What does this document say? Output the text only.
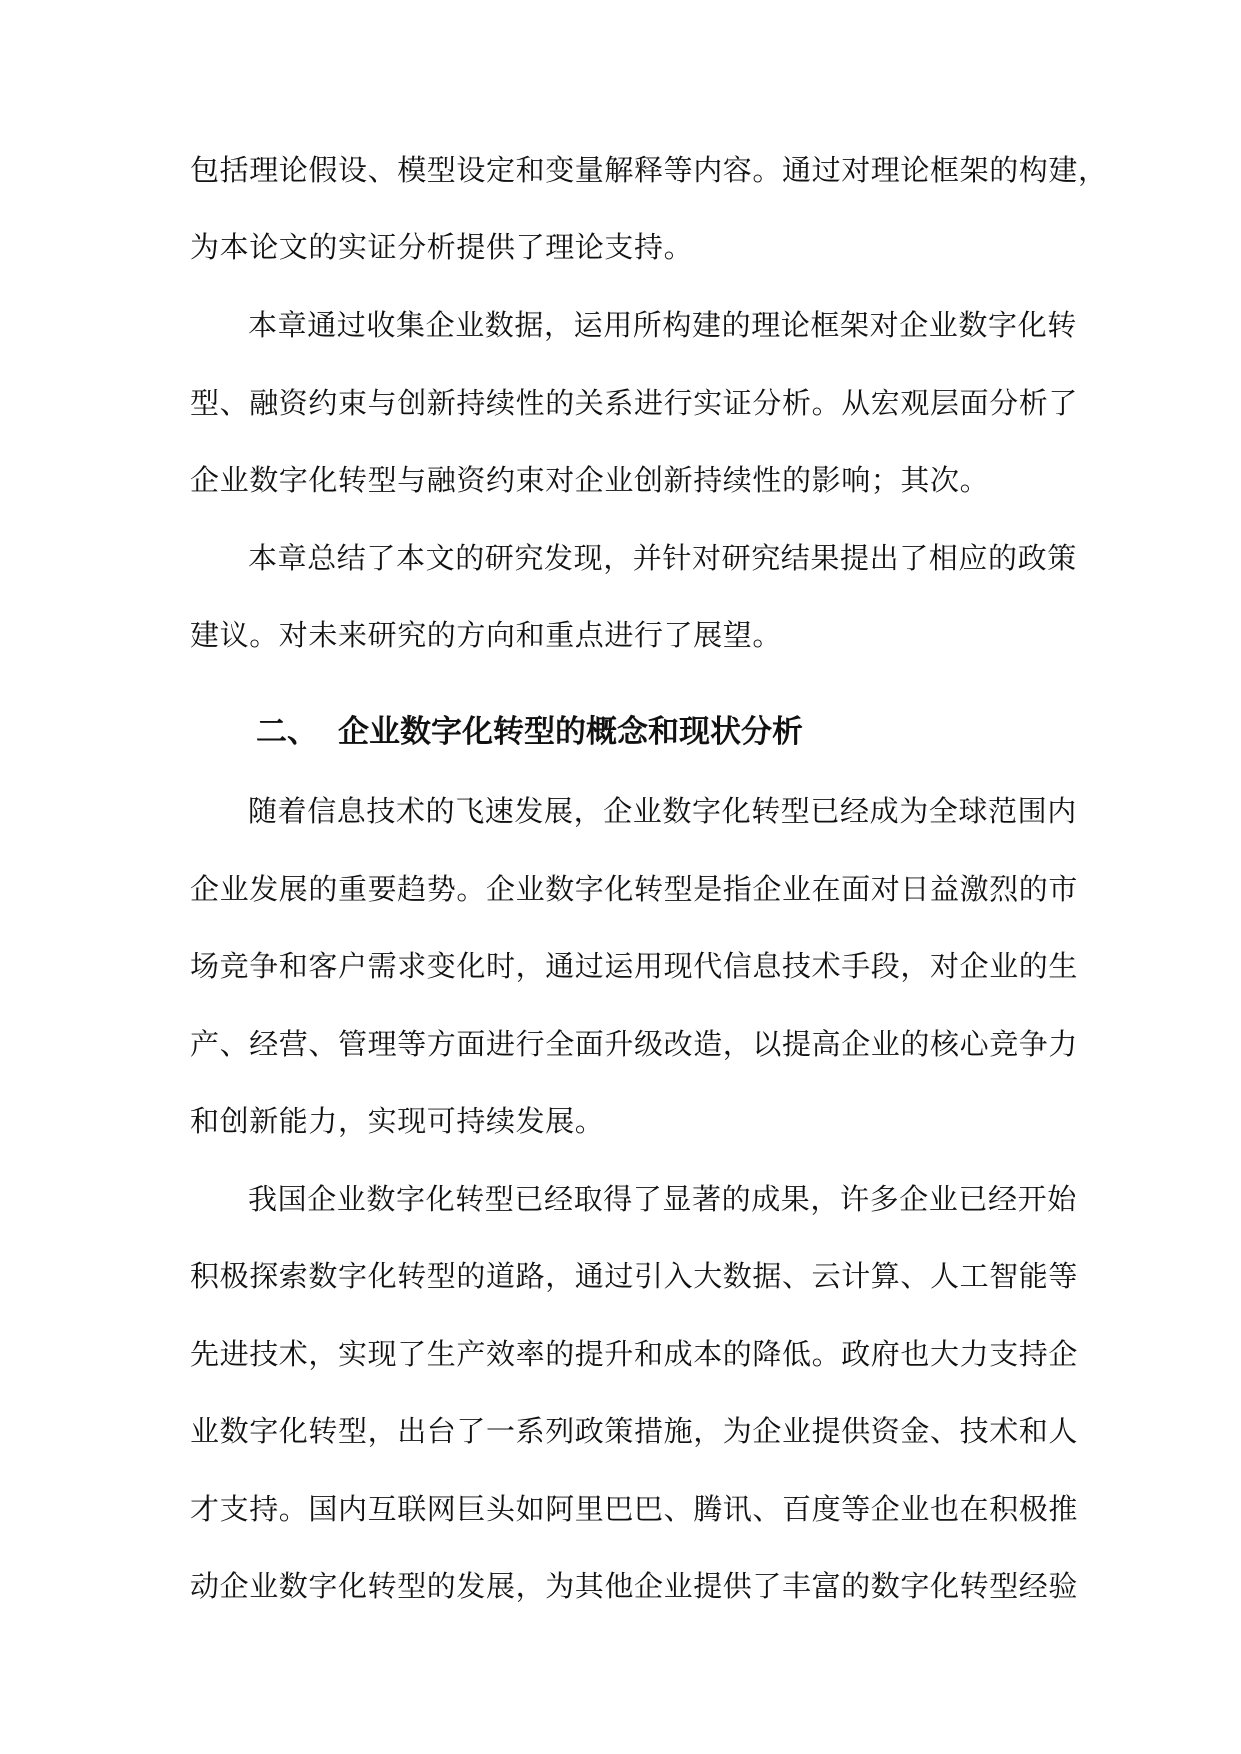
包括理论假设、模型设定和变量解释等内容。通过对理论框架的构建，
为本论文的实证分析提供了理论支持。
本章通过收集企业数据，运用所构建的理论框架对企业数字化转
型、融资约束与创新持续性的关系进行实证分析。从宏观层面分析了
企业数字化转型与融资约束对企业创新持续性的影响；其次。
本章总结了本文的研究发现，并针对研究结果提出了相应的政策
建议。对未来研究的方向和重点进行了展望。
二、 企业数字化转型的概念和现状分析
随着信息技术的飞速发展，企业数字化转型已经成为全球范围内
企业发展的重要趋势。企业数字化转型是指企业在面对日益激烈的市
场竞争和客户需求变化时，通过运用现代信息技术手段，对企业的生
产、经营、管理等方面进行全面升级改造，以提高企业的核心竞争力
和创新能力，实现可持续发展。
我国企业数字化转型已经取得了显著的成果，许多企业已经开始
积极探索数字化转型的道路，通过引入大数据、云计算、人工智能等
先进技术，实现了生产效率的提升和成本的降低。政府也大力支持企
业数字化转型，出台了一系列政策措施，为企业提供资金、技术和人
才支持。国内互联网巨头如阿里巴巴、腾讯、百度等企业也在积极推
动企业数字化转型的发展，为其他企业提供了丰富的数字化转型经验
